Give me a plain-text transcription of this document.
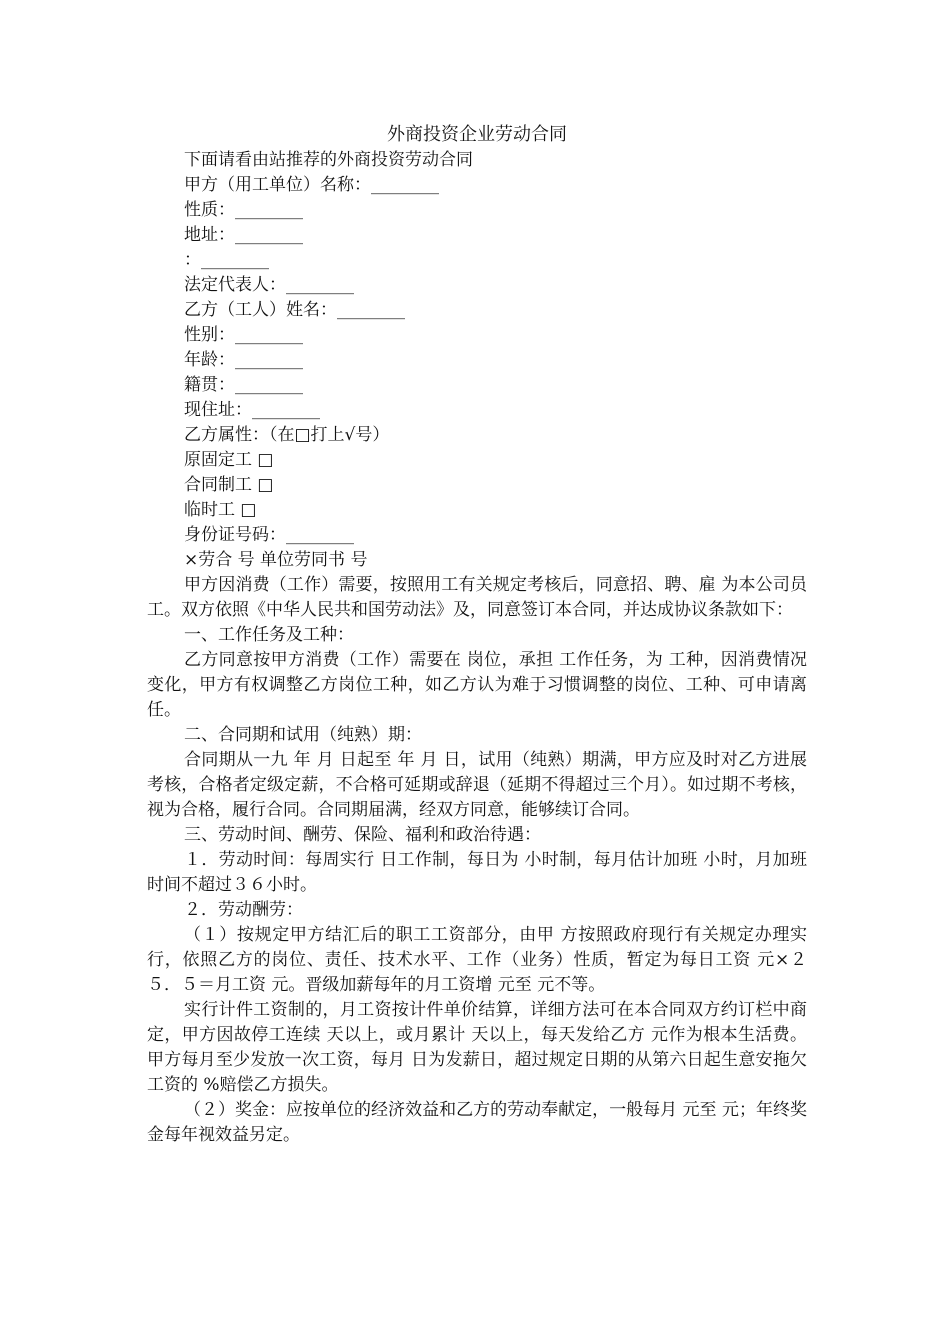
外商投资企业劳动合同
下面请看由站推荐的外商投资劳动合同
甲方（用工单位）名称：________
性质：________
地址：________
：________
法定代表人：________
乙方（工人）姓名：________
性别：________
年龄：________
籍贯：________
现住址：________
乙方属性：（在□打上√号）
原固定工 □
合同制工 □
临时工 □
身份证号码：________
×劳合 号 单位劳同书 号

甲方因消费（工作）需要，按照用工有关规定考核后，同意招、聘、雇 为本公司员工。双方依照《中华人民共和国劳动法》及，同意签订本合同，并达成协议条款如下：

一、工作任务及工种：

乙方同意按甲方消费（工作）需要在 岗位，承担 工作任务，为 工种，因消费情况变化，甲方有权调整乙方岗位工种，如乙方认为难于习惯调整的岗位、工种、可申请离任。

二、合同期和试用（纯熟）期：

合同期从一九 年 月 日起至 年 月 日，试用（纯熟）期满，甲方应及时对乙方进展考核，合格者定级定薪，不合格可延期或辞退（延期不得超过三个月）。如过期不考核，视为合格，履行合同。合同期届满，经双方同意，能够续订合同。

三、劳动时间、酬劳、保险、福利和政治待遇：

１．劳动时间：每周实行 日工作制，每日为 小时制，每月估计加班 小时，月加班时间不超过３６小时。

２．劳动酬劳：

（１）按规定甲方结汇后的职工工资部分，由甲 方按照政府现行有关规定办理实行，依照乙方的岗位、责任、技术水平、工作（业务）性质，暂定为每日工资 元×２５．５＝月工资 元。晋级加薪每年的月工资增 元至 元不等。

实行计件工资制的，月工资按计件单价结算，详细方法可在本合同双方约订栏中商定，甲方因故停工连续 天以上，或月累计 天以上，每天发给乙方 元作为根本生活费。甲方每月至少发放一次工资，每月 日为发薪日，超过规定日期的从第六日起生意安拖欠工资的 %赔偿乙方损失。

（２）奖金：应按单位的经济效益和乙方的劳动奉献定，一般每月 元至 元；年终奖金每年视效益另定。
